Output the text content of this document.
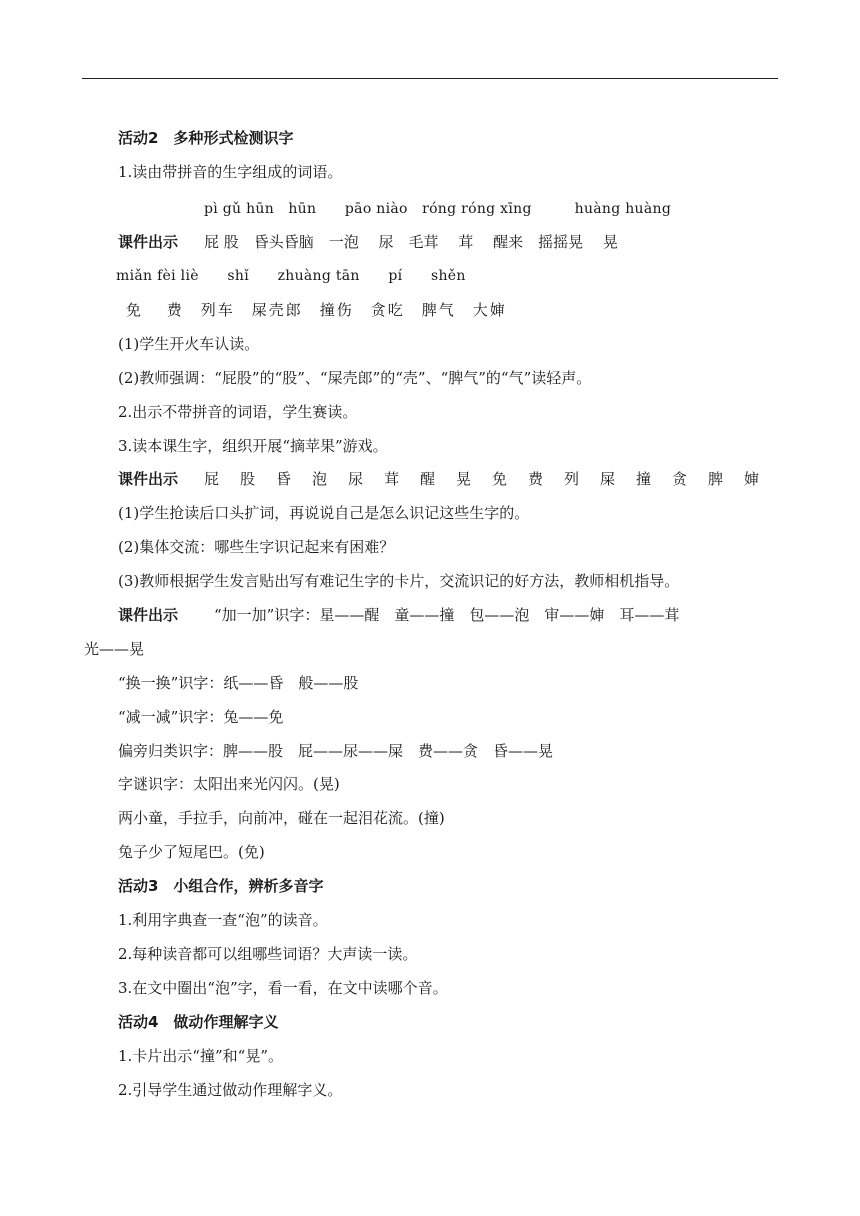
活动2　多种形式检测识字
1.读由带拼音的生字组成的词语。
pì gǔ hūn　hūn　　pāo niào　róng róng xīng　　　huàng huàng
课件出示 屁 股　昏头昏脑　一泡　 尿　毛茸　 茸　 醒来　摇摇晃　 晃
miǎn fèi liè　　shǐ　　zhuàng tān　　pí　　shěn
免　 费　列车　屎壳郎　撞伤　贪吃　脾气　大婶
(1)学生开火车认读。
(2)教师强调：“屁股”的“股”、“屎壳郎”的“壳”、“脾气”的“气”读轻声。
2.出示不带拼音的词语，学生赛读。
3.读本课生字，组织开展“摘苹果”游戏。
课件出示 屁　股　昏　泡　尿　茸　醒　晃　免　费　列　屎　撞　贪　脾　婶
(1)学生抢读后口头扩词，再说说自己是怎么识记这些生字的。
(2)集体交流：哪些生字识记起来有困难？
(3)教师根据学生发言贴出写有难记生字的卡片，交流识记的好方法，教师相机指导。
课件出示 “加一加”识字：星——醒　童——撞　包——泡　审——婶　耳——茸
光——晃
“换一换”识字：纸——昏　般——股
“减一减”识字：兔——免
偏旁归类识字：脾——股　屁——尿——屎　费——贪　昏——晃
字谜识字：太阳出来光闪闪。(晃)
两小童，手拉手，向前冲，碰在一起泪花流。(撞)
兔子少了短尾巴。(免)
活动3　小组合作，辨析多音字
1.利用字典查一查“泡”的读音。
2.每种读音都可以组哪些词语？大声读一读。
3.在文中圈出“泡”字，看一看，在文中读哪个音。
活动4　做动作理解字义
1.卡片出示“撞”和“晃”。
2.引导学生通过做动作理解字义。
